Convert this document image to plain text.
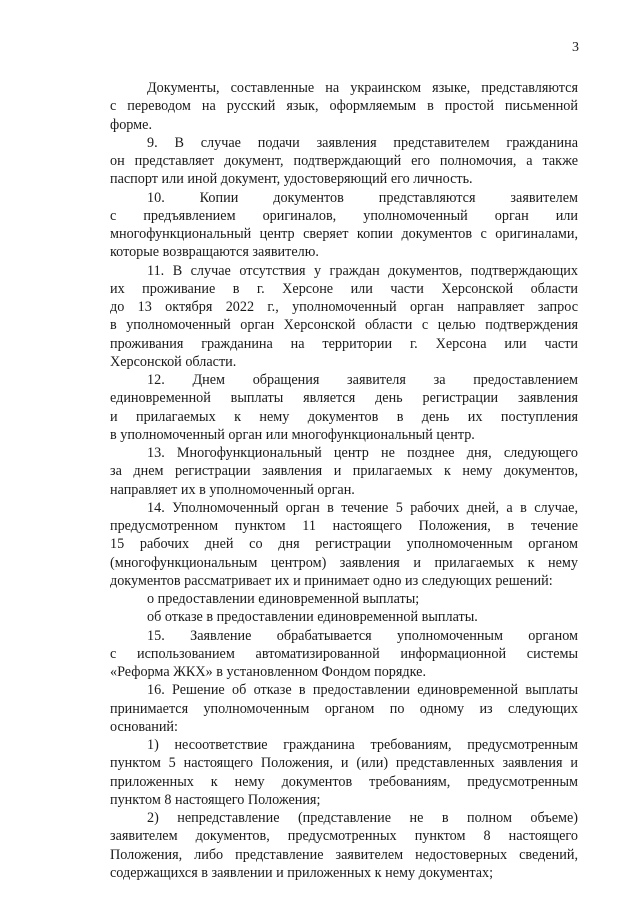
3
Документы, составленные на украинском языке, представляются
с переводом на русский язык, оформляемым в простой письменной
форме.
9. В случае подачи заявления представителем гражданина
он представляет документ, подтверждающий его полномочия, а также
паспорт или иной документ, удостоверяющий его личность.
10. Копии документов представляются заявителем
с предъявлением оригиналов, уполномоченный орган или
многофункциональный центр сверяет копии документов с оригиналами,
которые возвращаются заявителю.
11. В случае отсутствия у граждан документов, подтверждающих
их проживание в г. Херсоне или части Херсонской области
до 13 октября 2022 г., уполномоченный орган направляет запрос
в уполномоченный орган Херсонской области с целью подтверждения
проживания гражданина на территории г. Херсона или части
Херсонской области.
12. Днем обращения заявителя за предоставлением
единовременной выплаты является день регистрации заявления
и прилагаемых к нему документов в день их поступления
в уполномоченный орган или многофункциональный центр.
13. Многофункциональный центр не позднее дня, следующего
за днем регистрации заявления и прилагаемых к нему документов,
направляет их в уполномоченный орган.
14. Уполномоченный орган в течение 5 рабочих дней, а в случае,
предусмотренном пунктом 11 настоящего Положения, в течение
15 рабочих дней со дня регистрации уполномоченным органом
(многофункциональным центром) заявления и прилагаемых к нему
документов рассматривает их и принимает одно из следующих решений:
о предоставлении единовременной выплаты;
об отказе в предоставлении единовременной выплаты.
15. Заявление обрабатывается уполномоченным органом
с использованием автоматизированной информационной системы
«Реформа ЖКХ» в установленном Фондом порядке.
16. Решение об отказе в предоставлении единовременной выплаты
принимается уполномоченным органом по одному из следующих
оснований:
1) несоответствие гражданина требованиям, предусмотренным
пунктом 5 настоящего Положения, и (или) представленных заявления и
приложенных к нему документов требованиям, предусмотренным
пунктом 8 настоящего Положения;
2) непредставление (представление не в полном объеме)
заявителем документов, предусмотренных пунктом 8 настоящего
Положения, либо представление заявителем недостоверных сведений,
содержащихся в заявлении и приложенных к нему документах;
